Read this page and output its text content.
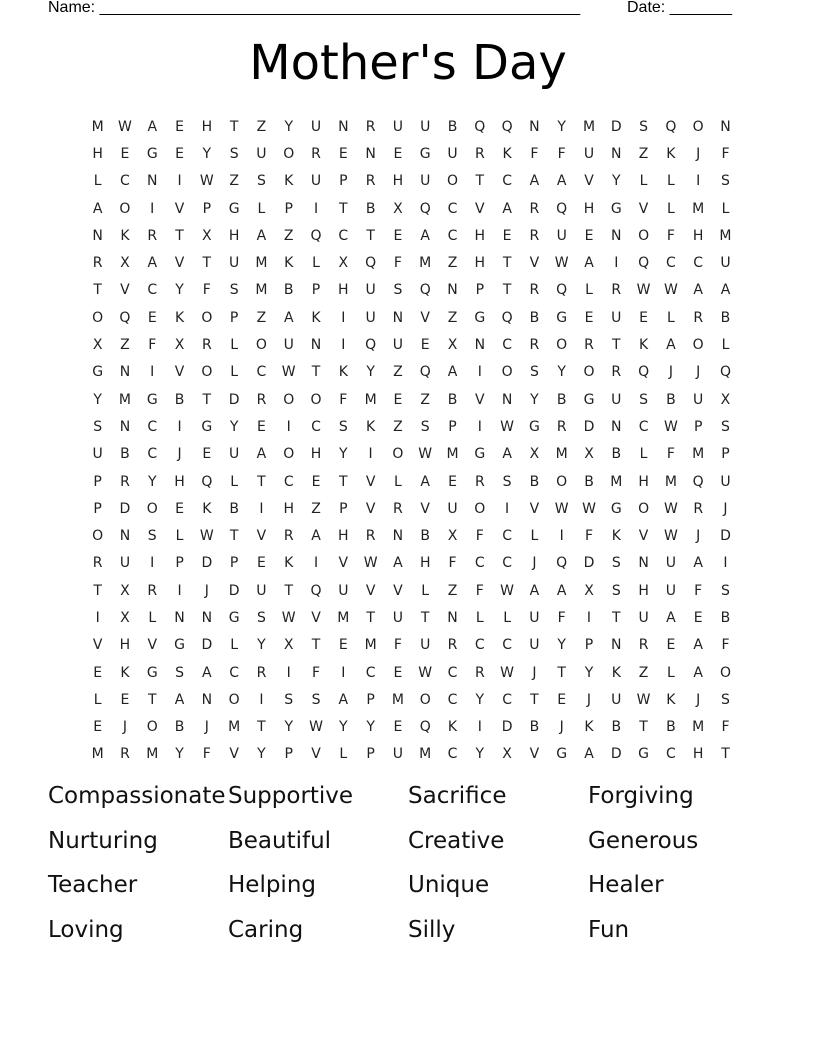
Name: ______________________________________________________	Date: _______
Mother's Day
M	W	A	E	H	T	Z	Y	U	N	R	U	U	B	Q	Q	N	Y	M	D	S	Q	O	N
H	E	G	E	Y	S	U	O	R	E	N	E	G	U	R	K	F	F	U	N	Z	K	J	F
L	C	N	I	W	Z	S	K	U	P	R	H	U	O	T	C	A	A	V	Y	L	L	I	S
A	O	I	V	P	G	L	P	I	T	B	X	Q	C	V	A	R	Q	H	G	V	L	M	L
N	K	R	T	X	H	A	Z	Q	C	T	E	A	C	H	E	R	U	E	N	O	F	H	M
R	X	A	V	T	U	M	K	L	X	Q	F	M	Z	H	T	V	W	A	I	Q	C	C	U
T	V	C	Y	F	S	M	B	P	H	U	S	Q	N	P	T	R	Q	L	R	W W	A	A
O	Q	E	K	O	P	Z	A	K	I	U	N	V	Z	G	Q	B	G	E	U	E	L	R	B
X	Z	F	X	R	L	O	U	N	I	Q	U	E	X	N	C	R	O	R	T	K	A	O	L
G	N	I	V	O	L	C	W	T	K	Y	Z	Q	A	I	O	S	Y	O	R	Q	J	J	Q
Y	M	G	B	T	D	R	O	O	F	M	E	Z	B	V	N	Y	B	G	U	S	B	U	X
S	N	C	I	G	Y	E	I	C	S	K	Z	S	P	I	W	G	R	D	N	C	W	P	S
U	B	C	J	E	U	A	O	H	Y	I	O	W	M	G	A	X	M	X	B	L	F	M	P
P	R	Y	H	Q	L	T	C	E	T	V	L	A	E	R	S	B	O	B	M	H	M	Q	U
P	D	O	E	K	B	I	H	Z	P	V	R	V	U	O	I	V	W W	G	O	W	R	J
O	N	S	L	W	T	V	R	A	H	R	N	B	X	F	C	L	I	F	K	V	W	J	D
R	U	I	P	D	P	E	K	I	V	W	A	H	F	C	C	J	Q	D	S	N	U	A	I
T	X	R	I	J	D	U	T	Q	U	V	V	L	Z	F	W	A	A	X	S	H	U	F	S
I	X	L	N	N	G	S	W	V	M	T	U	T	N	L	L	U	F	I	T	U	A	E	B
V	H	V	G	D	L	Y	X	T	E	M	F	U	R	C	C	U	Y	P	N	R	E	A	F
E	K	G	S	A	C	R	I	F	I	C	E	W	C	R	W	J	T	Y	K	Z	L	A	O
L	E	T	A	N	O	I	S	S	A	P	M	O	C	Y	C	T	E	J	U	W	K	J	S
E	J	O	B	J	M	T	Y	W	Y	Y	E	Q	K	I	D	B	J	K	B	T	B	M	F
M	R	M	Y	F	V	Y	P	V	L	P	U	M	C	Y	X	V	G	A	D	G	C	H	T
Compassionate Supportive	Sacrifice	Forgiving
Nurturing	Beautiful	Creative	Generous
Teacher	Helping	Unique	Healer
Loving	Caring	Silly	Fun
